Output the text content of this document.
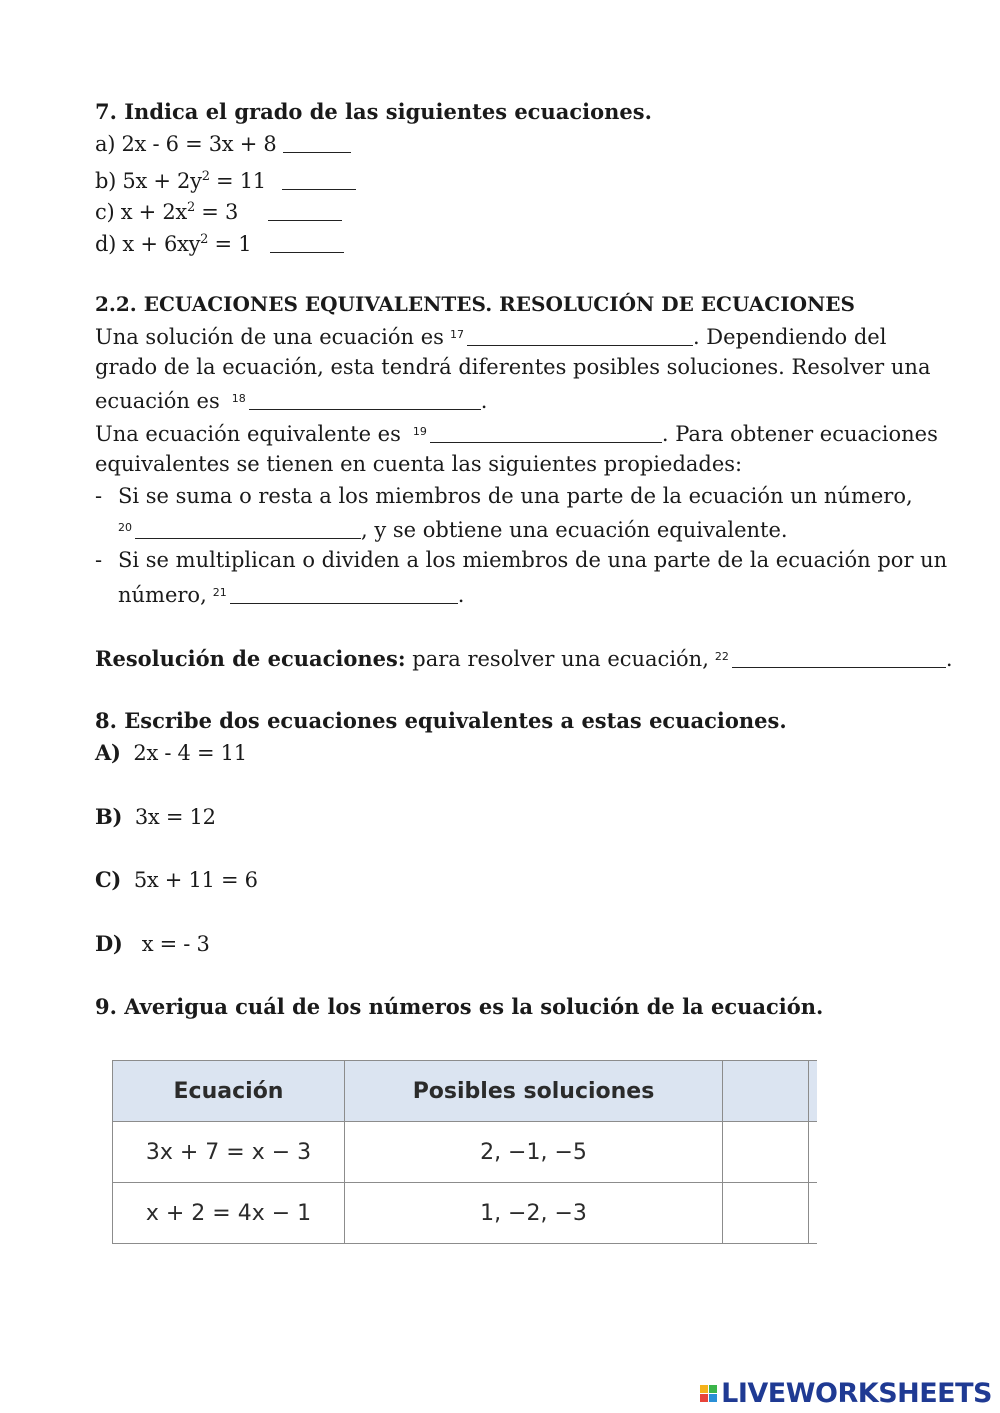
7. Indica el grado de las siguientes ecuaciones.
a) 2x - 6 = 3x + 8
b) $5x + 2y^2 = 11$
c) $x + 2x^2 = 3$
d) $x + 6xy^2 = 1$
2.2. ECUACIONES EQUIVALENTES. RESOLUCIÓN DE ECUACIONES
Una solución de una ecuación es $^{17}$	. Dependiendo del
grado de la ecuación, esta tendrá diferentes posibles soluciones. Resolver una
ecuación es $^{18}$	.
Una ecuación equivalente es $^{19}$	. Para obtener ecuaciones
equivalentes se tienen en cuenta las siguientes propiedades:
- Si se suma o resta a los miembros de una parte de la ecuación un número,
$^{20}$	, y se obtiene una ecuación equivalente.
- Si se multiplican o dividen a los miembros de una parte de la ecuación por un
número, $^{21}$	.
Resolución de ecuaciones: para resolver una ecuación, $^{22}$	.
8. Escribe dos ecuaciones equivalentes a estas ecuaciones.
A) 2x - 4 = 11
B) 3x = 12
C) 5x + 11 = 6
D)   x = - 3
9. Averigua cuál de los números es la solución de la ecuación.
Ecuación	Posibles soluciones		
3x + 7 = x − 3	2, −1, −5		
x + 2 = 4x − 1	1, −2, −3		
LIVEWORKSHEETS
